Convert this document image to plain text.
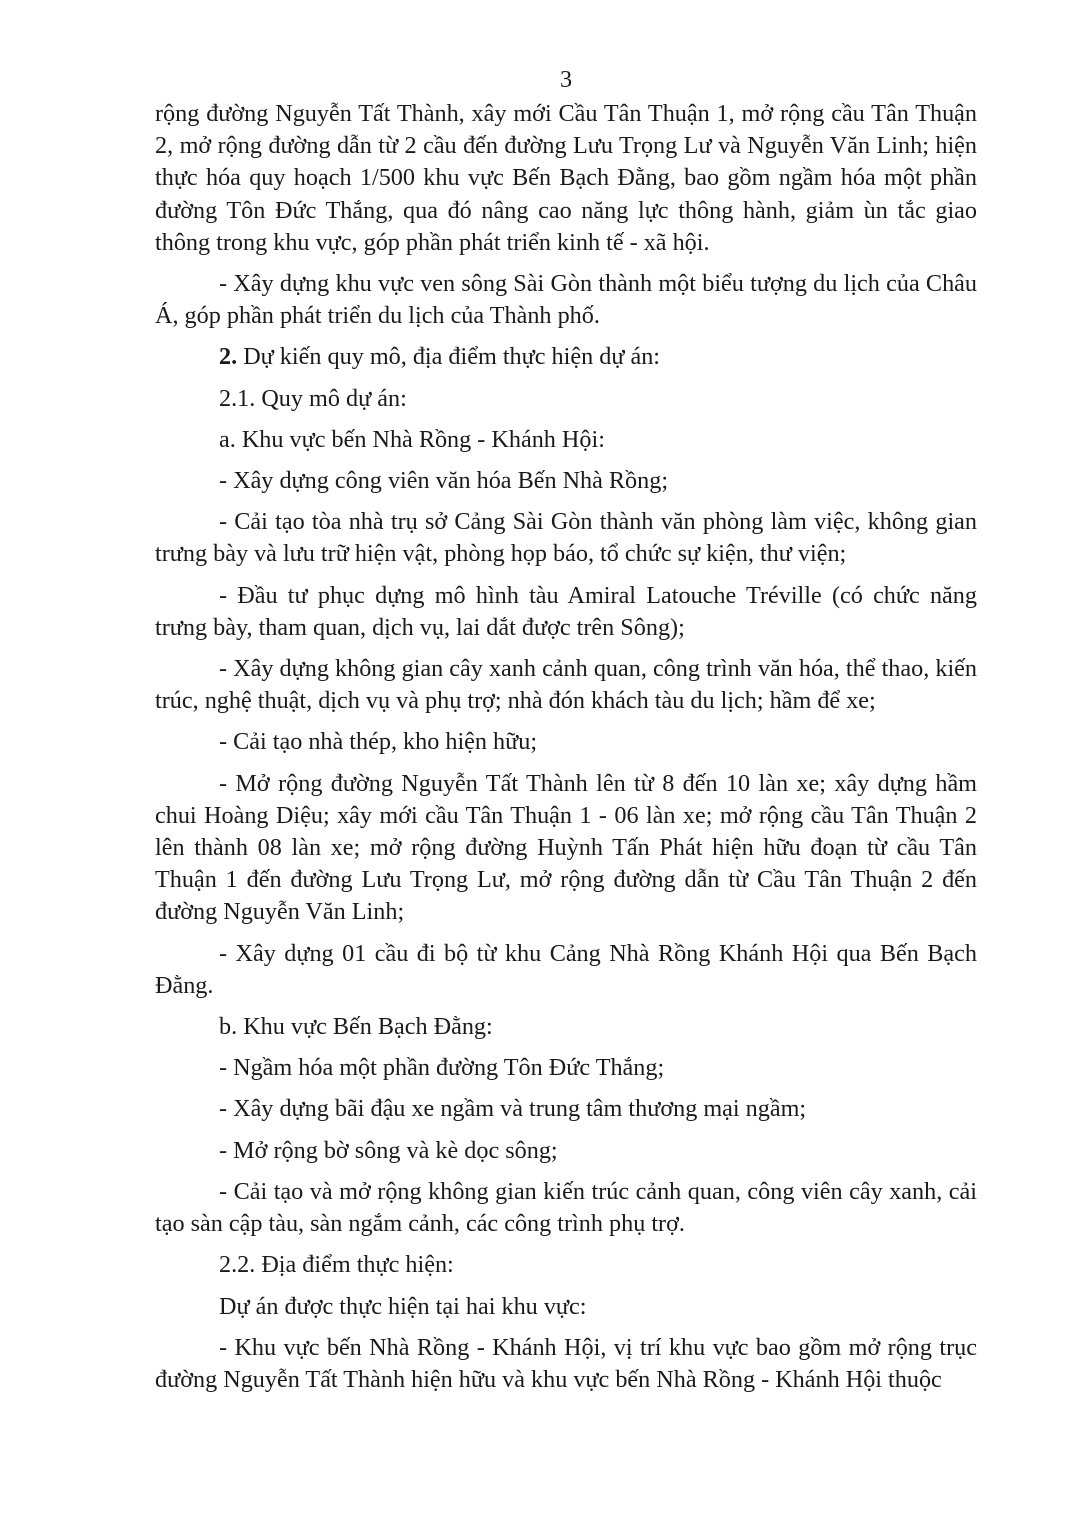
3

rộng đường Nguyễn Tất Thành, xây mới Cầu Tân Thuận 1, mở rộng cầu Tân Thuận 2, mở rộng đường dẫn từ 2 cầu đến đường Lưu Trọng Lư và Nguyễn Văn Linh; hiện thực hóa quy hoạch 1/500 khu vực Bến Bạch Đằng, bao gồm ngầm hóa một phần đường Tôn Đức Thắng, qua đó nâng cao năng lực thông hành, giảm ùn tắc giao thông trong khu vực, góp phần phát triển kinh tế - xã hội.

- Xây dựng khu vực ven sông Sài Gòn thành một biểu tượng du lịch của Châu Á, góp phần phát triển du lịch của Thành phố.

2. Dự kiến quy mô, địa điểm thực hiện dự án:

2.1. Quy mô dự án:

a. Khu vực bến Nhà Rồng - Khánh Hội:

- Xây dựng công viên văn hóa Bến Nhà Rồng;

- Cải tạo tòa nhà trụ sở Cảng Sài Gòn thành văn phòng làm việc, không gian trưng bày và lưu trữ hiện vật, phòng họp báo, tổ chức sự kiện, thư viện;

- Đầu tư phục dựng mô hình tàu Amiral Latouche Tréville (có chức năng trưng bày, tham quan, dịch vụ, lai dắt được trên Sông);

- Xây dựng không gian cây xanh cảnh quan, công trình văn hóa, thể thao, kiến trúc, nghệ thuật, dịch vụ và phụ trợ; nhà đón khách tàu du lịch; hầm để xe;

- Cải tạo nhà thép, kho hiện hữu;

- Mở rộng đường Nguyễn Tất Thành lên từ 8 đến 10 làn xe; xây dựng hầm chui Hoàng Diệu; xây mới cầu Tân Thuận 1 - 06 làn xe; mở rộng cầu Tân Thuận 2 lên thành 08 làn xe; mở rộng đường Huỳnh Tấn Phát hiện hữu đoạn từ cầu Tân Thuận 1 đến đường Lưu Trọng Lư, mở rộng đường dẫn từ Cầu Tân Thuận 2 đến đường Nguyễn Văn Linh;

- Xây dựng 01 cầu đi bộ từ khu Cảng Nhà Rồng Khánh Hội qua Bến Bạch Đằng.

b. Khu vực Bến Bạch Đằng:

- Ngầm hóa một phần đường Tôn Đức Thắng;

- Xây dựng bãi đậu xe ngầm và trung tâm thương mại ngầm;

- Mở rộng bờ sông và kè dọc sông;

- Cải tạo và mở rộng không gian kiến trúc cảnh quan, công viên cây xanh, cải tạo sàn cập tàu, sàn ngắm cảnh, các công trình phụ trợ.

2.2. Địa điểm thực hiện:

Dự án được thực hiện tại hai khu vực:

- Khu vực bến Nhà Rồng - Khánh Hội, vị trí khu vực bao gồm mở rộng trục đường Nguyễn Tất Thành hiện hữu và khu vực bến Nhà Rồng - Khánh Hội thuộc
